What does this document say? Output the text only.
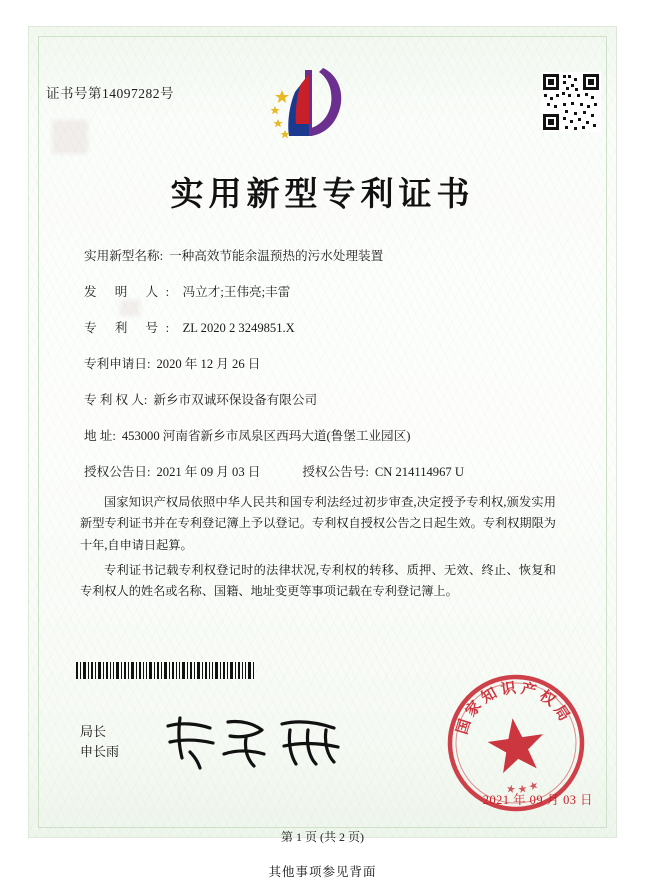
证书号第14097282号
实用新型专利证书
实用新型名称: 一种高效节能余温预热的污水处理装置
发 明 人: 冯立才;王伟亮;丰雷
专 利 号: ZL 2020 2 3249851.X
专利申请日: 2020 年 12 月 26 日
专 利 权 人: 新乡市双诚环保设备有限公司
地 址: 453000 河南省新乡市凤泉区西玛大道(鲁堡工业园区)
授权公告日: 2021 年 09 月 03 日	授权公告号: CN 214114967 U

国家知识产权局依照中华人民共和国专利法经过初步审查,决定授予专利权,颁发实用新型专利证书并在专利登记簿上予以登记。专利权自授权公告之日起生效。专利权期限为十年,自申请日起算。

专利证书记载专利权登记时的法律状况,专利权的转移、质押、无效、终止、恢复和专利权人的姓名或名称、国籍、地址变更等事项记载在专利登记簿上。

局长
申长雨
国 家 知 识 产 权 局
★ ★ ★
2021 年 09 月 03 日
第 1 页 (共 2 页)
其他事项参见背面
